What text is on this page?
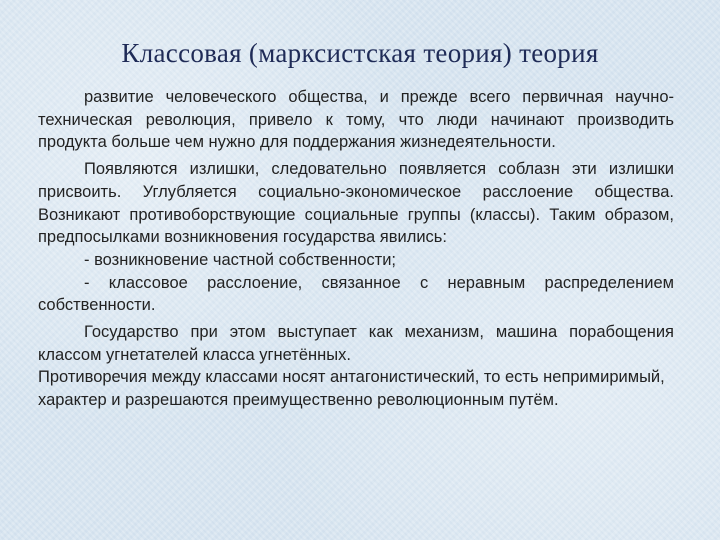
Классовая (марксистская теория) теория

развитие человеческого общества, и прежде всего первичная научно-техническая революция, привело к тому, что люди начинают производить продукта больше чем нужно для поддержания жизнедеятельности.

Появляются излишки, следовательно появляется соблазн эти излишки присвоить. Углубляется социально-экономическое расслоение общества. Возникают противоборствующие социальные группы (классы). Таким образом, предпосылками возникновения государства явились:

- возникновение частной собственности;

- классовое расслоение, связанное с неравным распределением собственности.

Государство при этом выступает как механизм, машина порабощения классом угнетателей класса угнетённых.

Противоречия между классами носят антагонистический, то есть непримиримый, характер и разрешаются преимущественно революционным путём.
